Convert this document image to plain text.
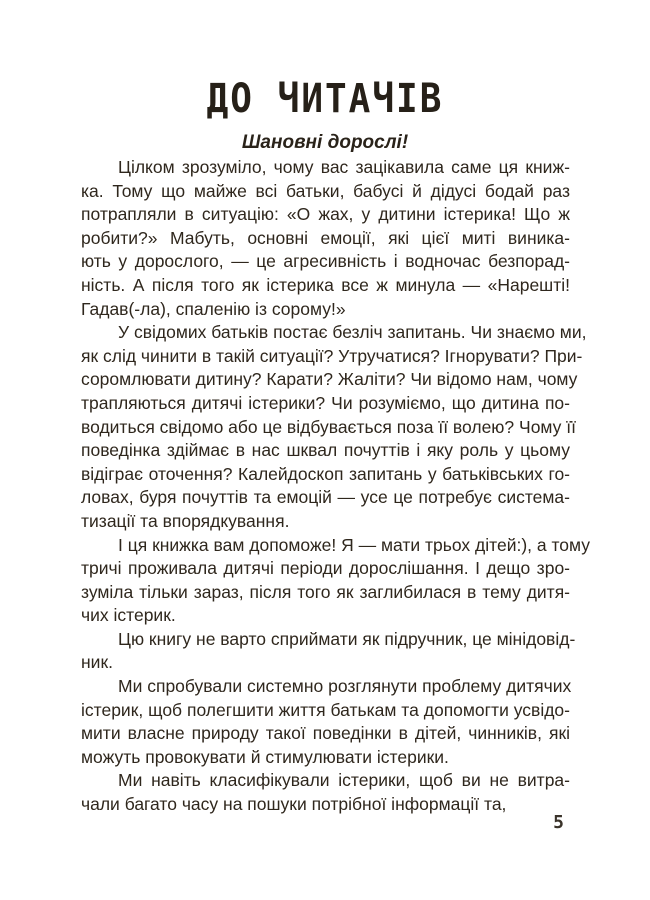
ДО ЧИТАЧІВ
Шановні дорослі!
Цілком зрозуміло, чому вас зацікавила саме ця книж-
ка. Тому що майже всі батьки, бабусі й дідусі бодай раз
потрапляли в ситуацію: «О жах, у дитини істерика! Що ж
робити?» Мабуть, основні емоції, які цієї миті виника-
ють у дорослого, — це агресивність і водночас безпорад-
ність. А після того як істерика все ж минула — «Нарешті!
Гадав(-ла), спаленію із сорому!»
У свідомих батьків постає безліч запитань. Чи знаємо ми,
як слід чинити в такій ситуації? Утручатися? Ігнорувати? При-
соромлювати дитину? Карати? Жаліти? Чи відомо нам, чому
трапляються дитячі істерики? Чи розуміємо, що дитина по-
водиться свідомо або це відбувається поза її волею? Чому її
поведінка здіймає в нас шквал почуттів і яку роль у цьому
відіграє оточення? Калейдоскоп запитань у батьківських го-
ловах, буря почуттів та емоцій — усе це потребує система-
тизації та впорядкування.
І ця книжка вам допоможе! Я — мати трьох дітей:), а тому
тричі проживала дитячі періоди дорослішання. І дещо зро-
зуміла тільки зараз, після того як заглибилася в тему дитя-
чих істерик.
Цю книгу не варто сприймати як підручник, це мінідовід-
ник.
Ми спробували системно розглянути проблему дитячих
істерик, щоб полегшити життя батькам та допомогти усвідо-
мити власне природу такої поведінки в дітей, чинників, які
можуть провокувати й стимулювати істерики.
Ми навіть класифікували істерики, щоб ви не витра-
чали багато часу на пошуки потрібної інформації та,
5
